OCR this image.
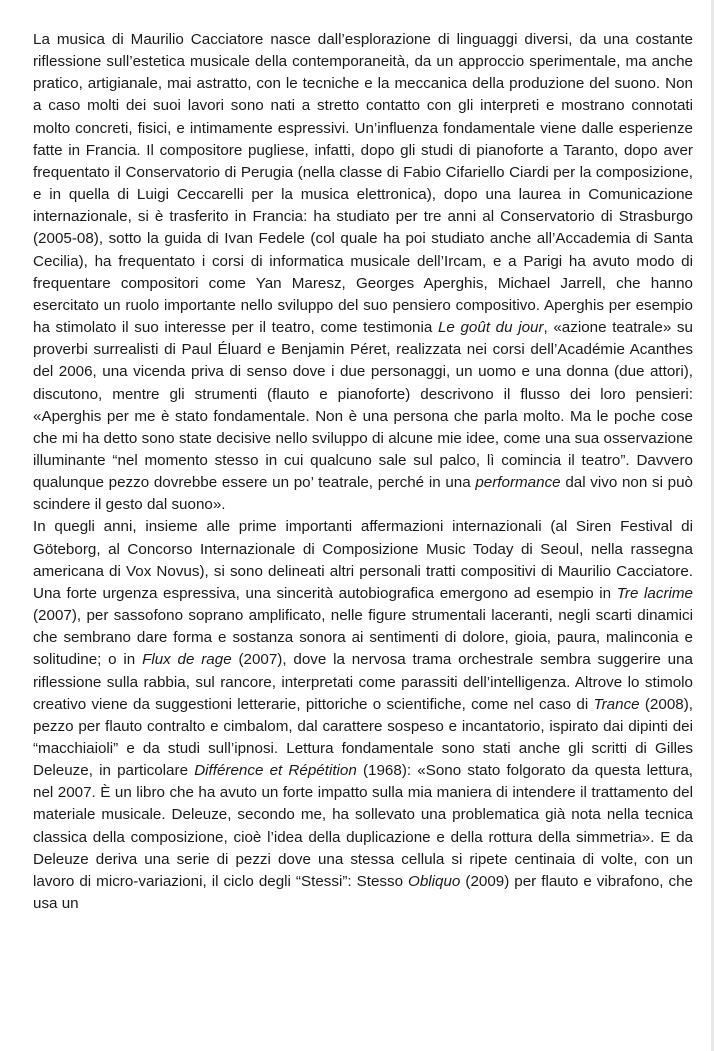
La musica di Maurilio Cacciatore nasce dall’esplorazione di linguaggi diversi, da una costante riflessione sull’estetica musicale della contemporaneità, da un approccio sperimentale, ma anche pratico, artigianale, mai astratto, con le tecniche e la meccanica della produzione del suono. Non a caso molti dei suoi lavori sono nati a stretto contatto con gli interpreti e mostrano connotati molto concreti, fisici, e intimamente espressivi. Un’influenza fondamentale viene dalle esperienze fatte in Francia. Il compositore pugliese, infatti, dopo gli studi di pianoforte a Taranto, dopo aver frequentato il Conservatorio di Perugia (nella classe di Fabio Cifariello Ciardi per la composizione, e in quella di Luigi Ceccarelli per la musica elettronica), dopo una laurea in Comunicazione internazionale, si è trasferito in Francia: ha studiato per tre anni al Conservatorio di Strasburgo (2005-08), sotto la guida di Ivan Fedele (col quale ha poi studiato anche all’Accademia di Santa Cecilia), ha frequentato i corsi di informatica musicale dell’Ircam, e a Parigi ha avuto modo di frequentare compositori come Yan Maresz, Georges Aperghis, Michael Jarrell, che hanno esercitato un ruolo importante nello sviluppo del suo pensiero compositivo. Aperghis per esempio ha stimolato il suo interesse per il teatro, come testimonia Le goût du jour, «azione teatrale» su proverbi surrealisti di Paul Éluard e Benjamin Péret, realizzata nei corsi dell’Académie Acanthes del 2006, una vicenda priva di senso dove i due personaggi, un uomo e una donna (due attori), discutono, mentre gli strumenti (flauto e pianoforte) descrivono il flusso dei loro pensieri: «Aperghis per me è stato fondamentale. Non è una persona che parla molto. Ma le poche cose che mi ha detto sono state decisive nello sviluppo di alcune mie idee, come una sua osservazione illuminante “nel momento stesso in cui qualcuno sale sul palco, lì comincia il teatro”. Davvero qualunque pezzo dovrebbe essere un po’ teatrale, perché in una performance dal vivo non si può scindere il gesto dal suono».

In quegli anni, insieme alle prime importanti affermazioni internazionali (al Siren Festival di Göteborg, al Concorso Internazionale di Composizione Music Today di Seoul, nella rassegna americana di Vox Novus), si sono delineati altri personali tratti compositivi di Maurilio Cacciatore. Una forte urgenza espressiva, una sincerità autobiografica emergono ad esempio in Tre lacrime (2007), per sassofono soprano amplificato, nelle figure strumentali laceranti, negli scarti dinamici che sembrano dare forma e sostanza sonora ai sentimenti di dolore, gioia, paura, malinconia e solitudine; o in Flux de rage (2007), dove la nervosa trama orchestrale sembra suggerire una riflessione sulla rabbia, sul rancore, interpretati come parassiti dell’intelligenza. Altrove lo stimolo creativo viene da suggestioni letterarie, pittoriche o scientifiche, come nel caso di Trance (2008), pezzo per flauto contralto e cimbalom, dal carattere sospeso e incantatorio, ispirato dai dipinti dei “macchiaioli” e da studi sull’ipnosi. Lettura fondamentale sono stati anche gli scritti di Gilles Deleuze, in particolare Différence et Répétition (1968): «Sono stato folgorato da questa lettura, nel 2007. È un libro che ha avuto un forte impatto sulla mia maniera di intendere il trattamento del materiale musicale. Deleuze, secondo me, ha sollevato una problematica già nota nella tecnica classica della composizione, cioè l’idea della duplicazione e della rottura della simmetria». E da Deleuze deriva una serie di pezzi dove una stessa cellula si ripete centinaia di volte, con un lavoro di micro-variazioni, il ciclo degli “Stessi”: Stesso Obliquo (2009) per flauto e vibrafono, che usa un
